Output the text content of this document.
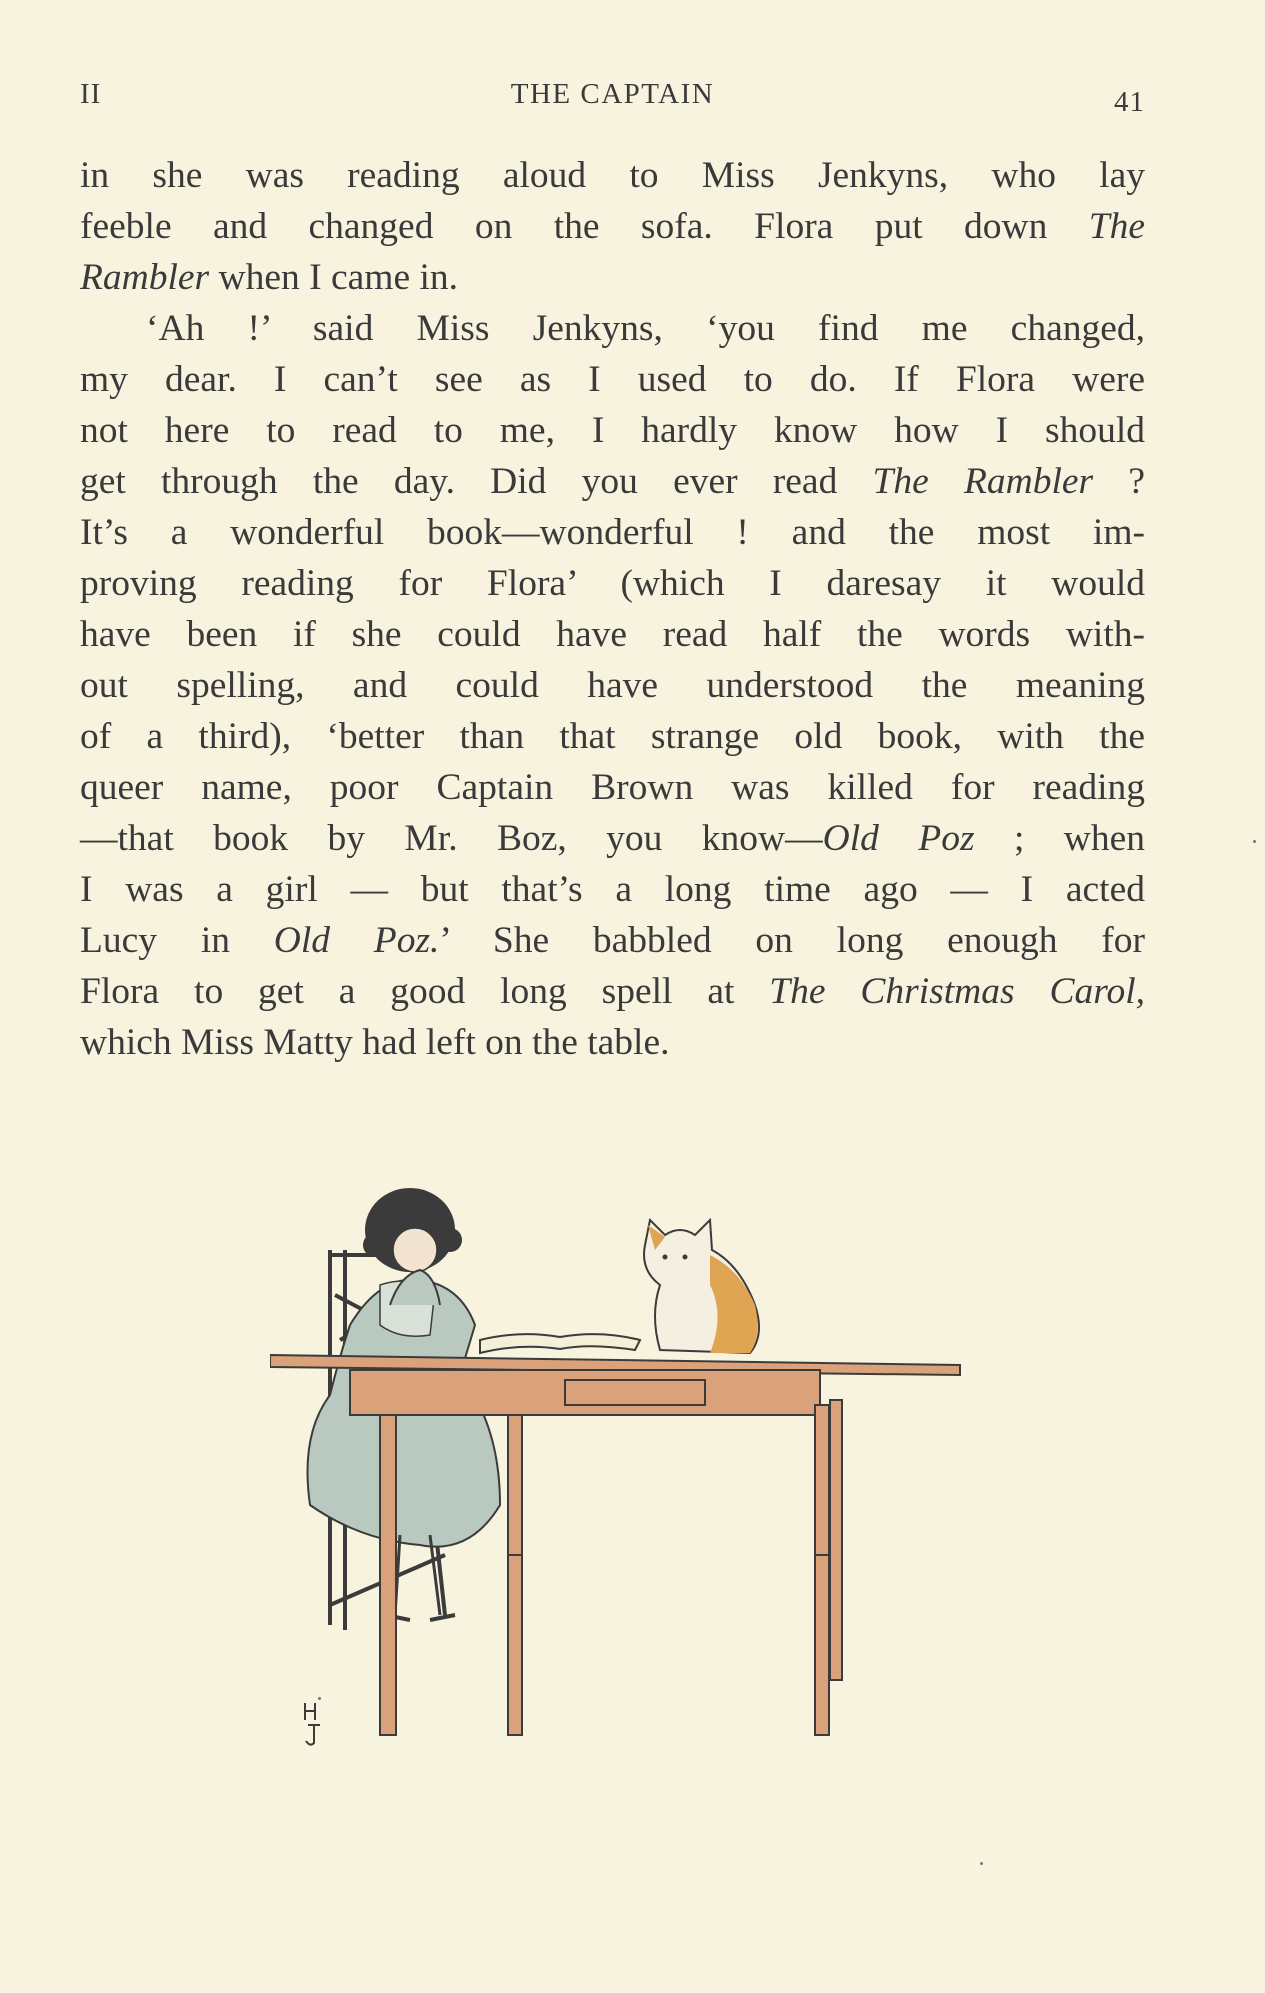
II	THE CAPTAIN	41
in she was reading aloud to Miss Jenkyns, who lay
feeble and changed on the sofa. Flora put down The
Rambler when I came in.
‘Ah !’ said Miss Jenkyns, ‘you find me changed,
my dear. I can’t see as I used to do. If Flora were
not here to read to me, I hardly know how I should
get through the day. Did you ever read The Rambler ?
It’s a wonderful book—wonderful ! and the most im-
proving reading for Flora’ (which I daresay it would
have been if she could have read half the words with-
out spelling, and could have understood the meaning
of a third), ‘better than that strange old book, with the
queer name, poor Captain Brown was killed for reading
—that book by Mr. Boz, you know—Old Poz ; when
I was a girl — but that’s a long time ago — I acted
Lucy in Old Poz.’ She babbled on long enough for
Flora to get a good long spell at The Christmas Carol,
which Miss Matty had left on the table.
